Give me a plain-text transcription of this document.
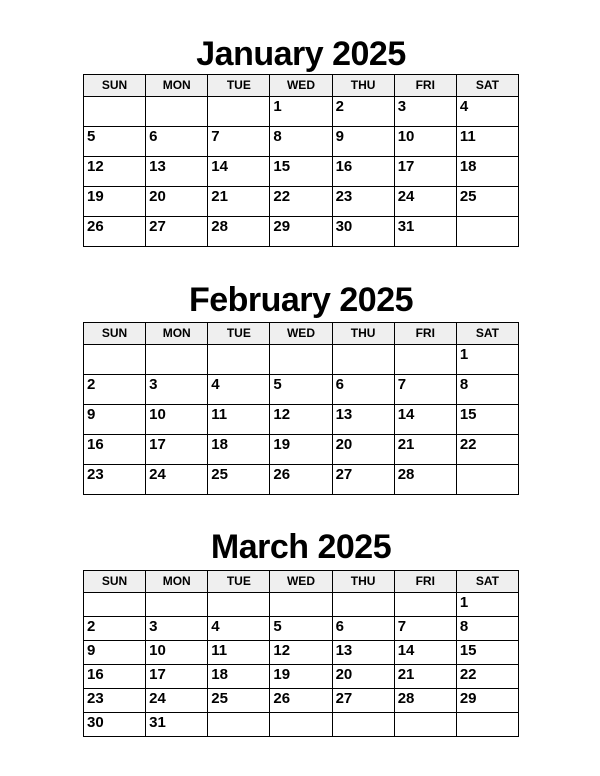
January 2025
SUN	MON	TUE	WED	THU	FRI	SAT
			1	2	3	4
5	6	7	8	9	10	11
12	13	14	15	16	17	18
19	20	21	22	23	24	25
26	27	28	29	30	31	
February 2025
SUN	MON	TUE	WED	THU	FRI	SAT
						1
2	3	4	5	6	7	8
9	10	11	12	13	14	15
16	17	18	19	20	21	22
23	24	25	26	27	28	
March 2025
SUN	MON	TUE	WED	THU	FRI	SAT
						1
2	3	4	5	6	7	8
9	10	11	12	13	14	15
16	17	18	19	20	21	22
23	24	25	26	27	28	29
30	31					
